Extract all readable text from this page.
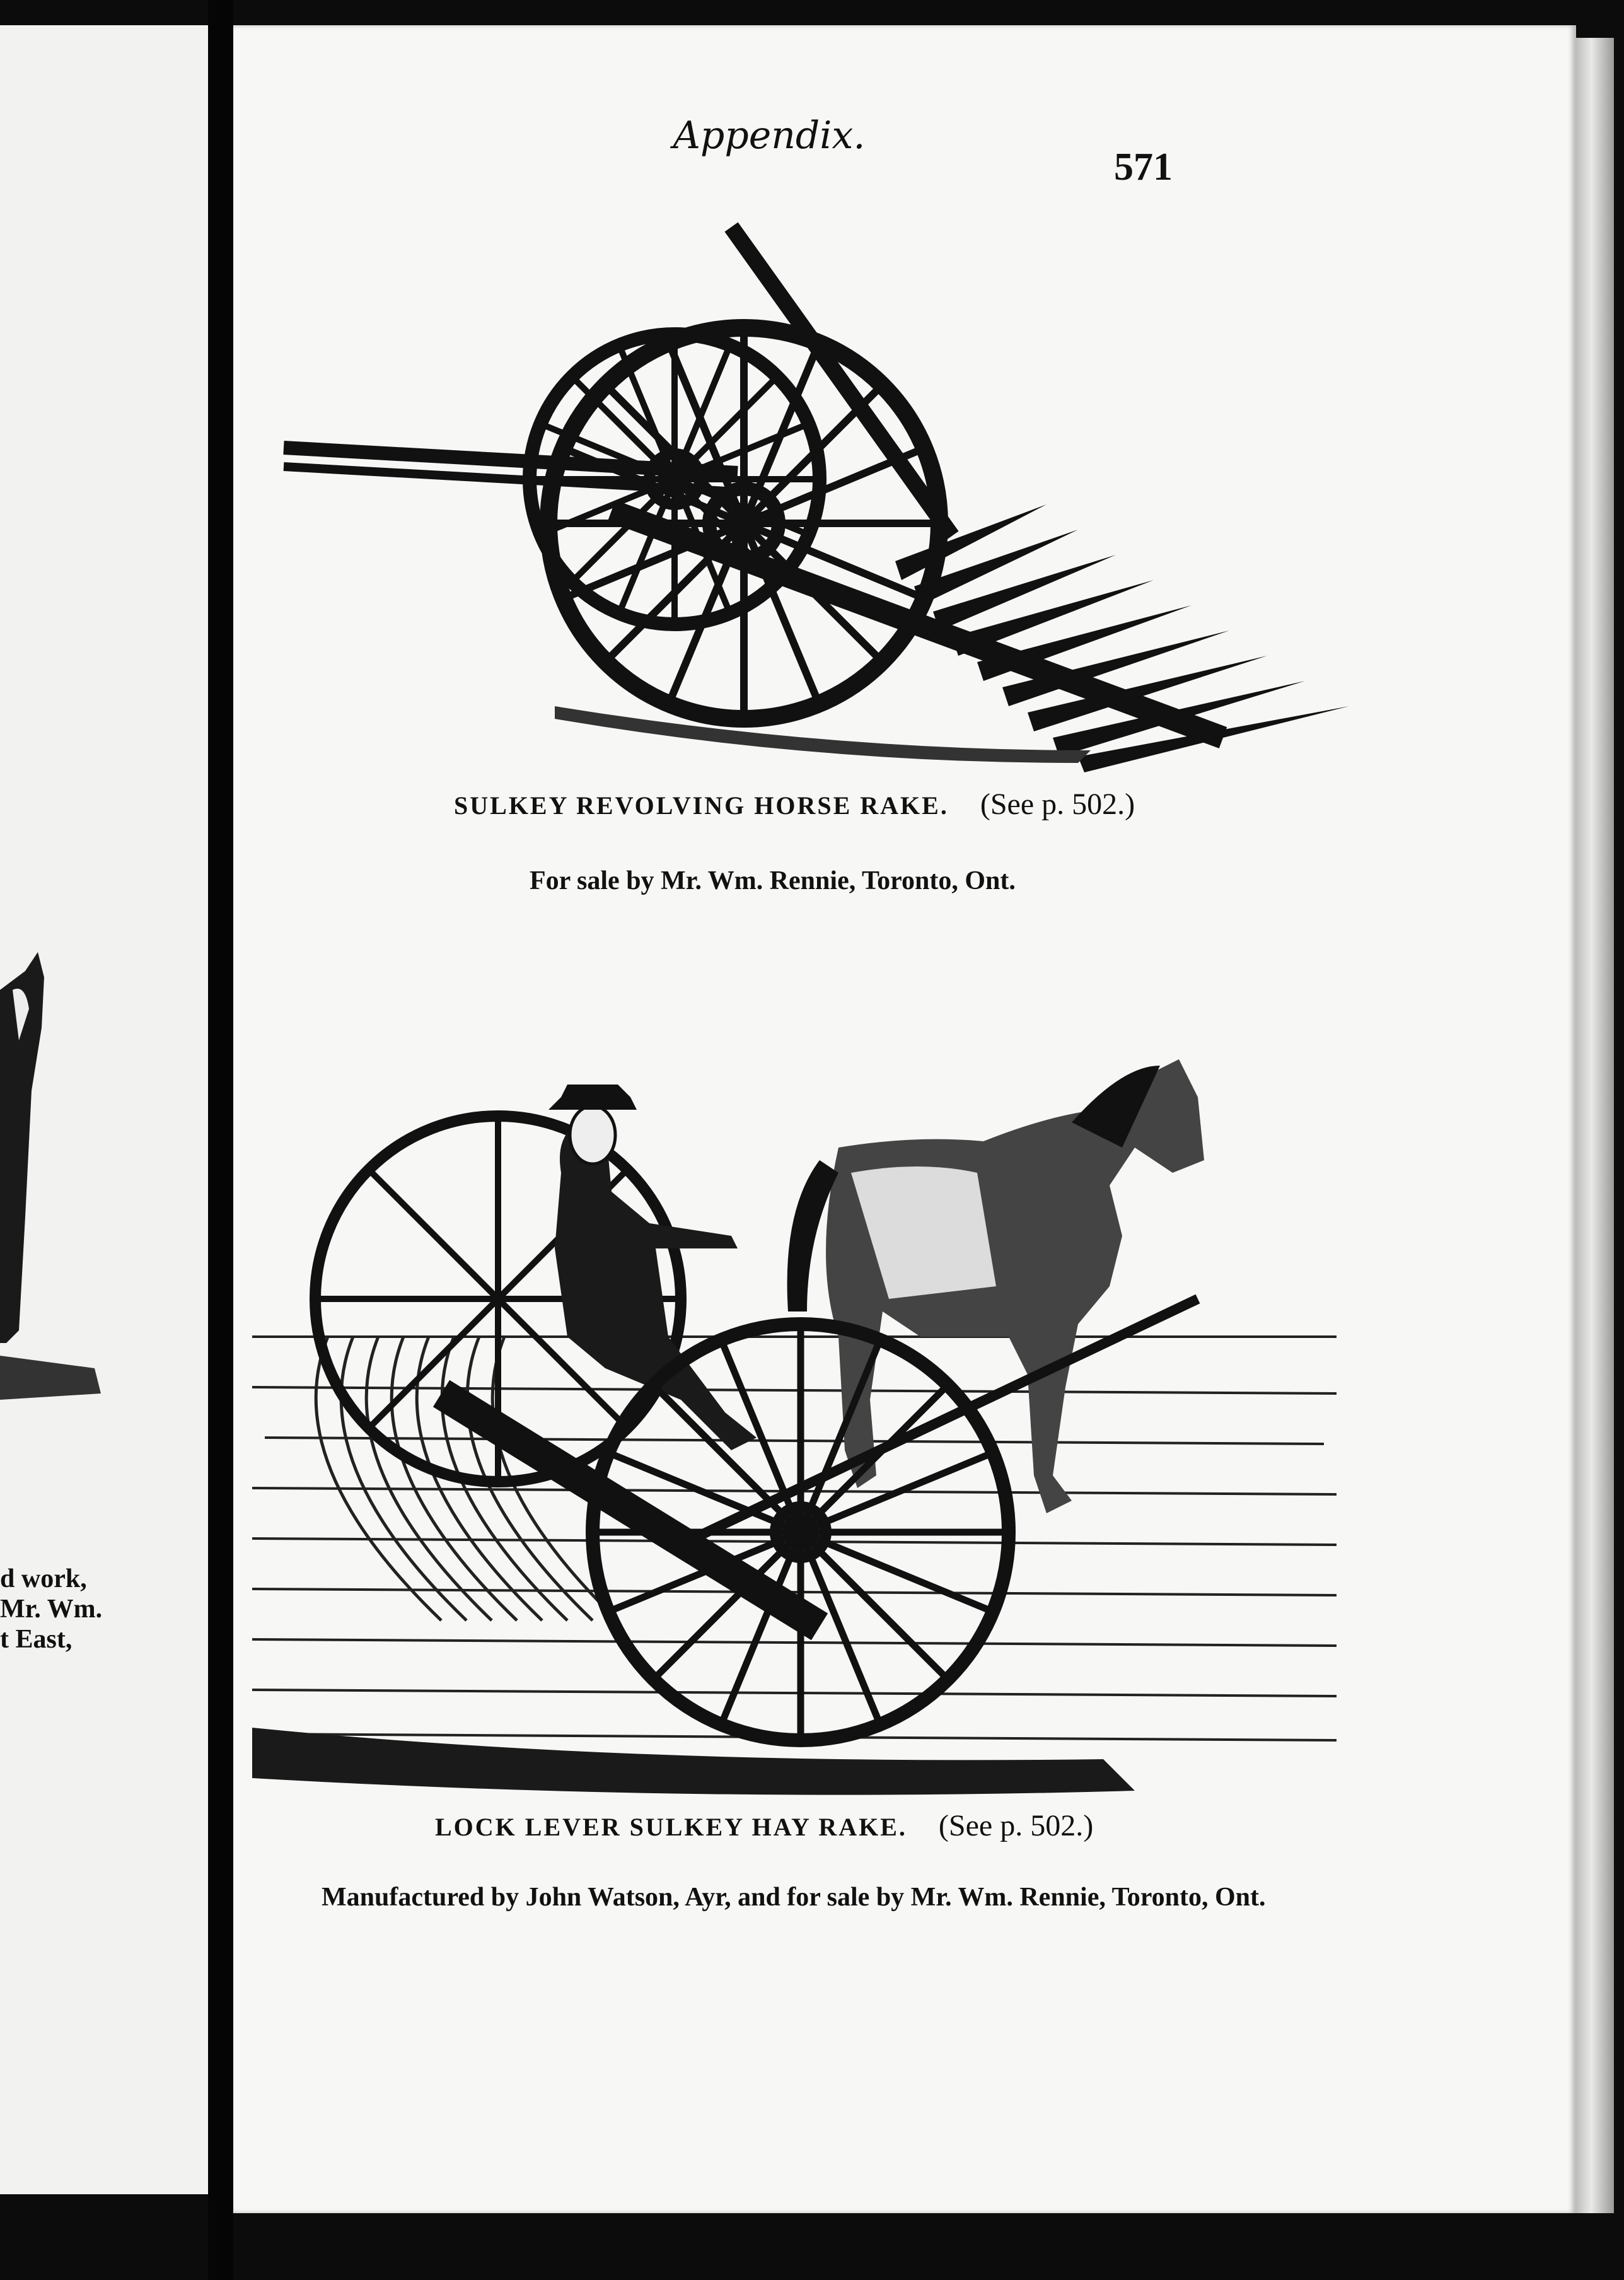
d work,
Mr. Wm.
t East,
Appendix.
571
SULKEY REVOLVING HORSE RAKE. (See p. 502.)
For sale by Mr. Wm. Rennie, Toronto, Ont.
LOCK LEVER SULKEY HAY RAKE. (See p. 502.)
Manufactured by John Watson, Ayr, and for sale by Mr. Wm. Rennie, Toronto, Ont.
